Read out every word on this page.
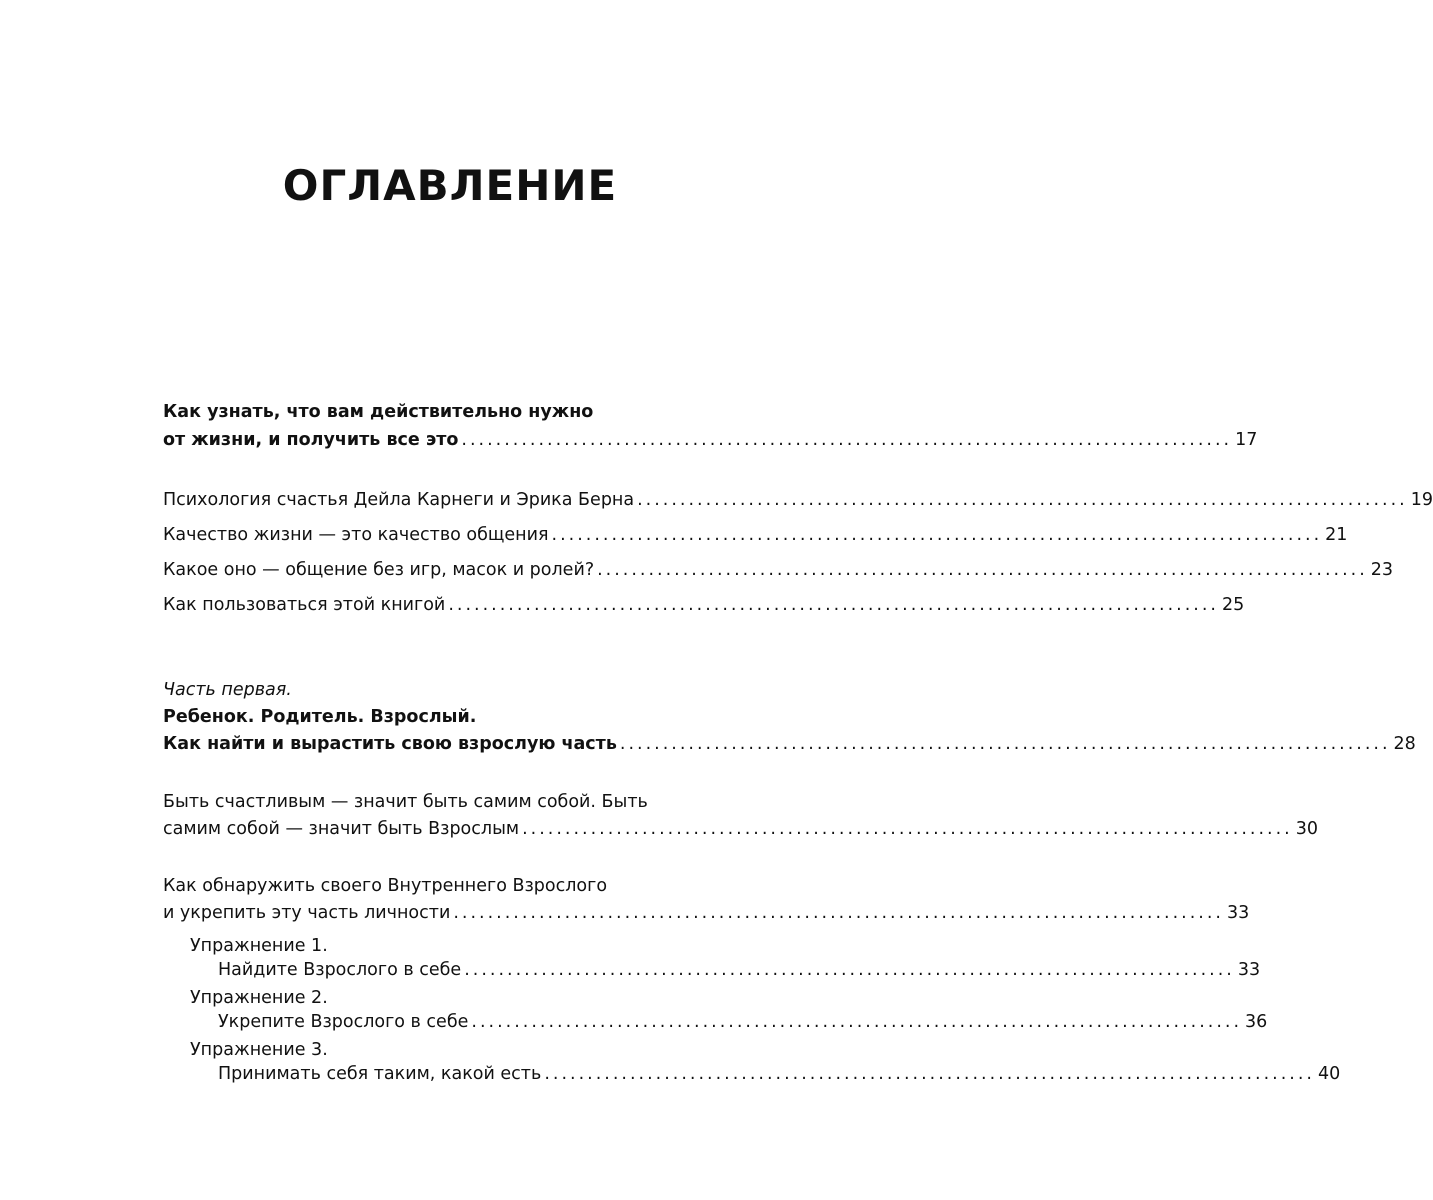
ОГЛАВЛЕНИЕ
Как узнать, что вам действительно нужно
от жизни, и получить все это .......................................................................................... 17
Психология счастья Дейла Карнеги и Эрика Берна .......................................................................................... 19
Качество жизни — это качество общения .......................................................................................... 21
Какое оно — общение без игр, масок и ролей? .......................................................................................... 23
Как пользоваться этой книгой .......................................................................................... 25
Часть первая.
Ребенок. Родитель. Взрослый.
Как найти и вырастить свою взрослую часть .......................................................................................... 28
Быть счастливым — значит быть самим собой. Быть
самим собой — значит быть Взрослым .......................................................................................... 30
Как обнаружить своего Внутреннего Взрослого
и укрепить эту часть личности .......................................................................................... 33
Упражнение 1.
Найдите Взрослого в себе .......................................................................................... 33
Упражнение 2.
Укрепите Взрослого в себе .......................................................................................... 36
Упражнение 3.
Принимать себя таким, какой есть .......................................................................................... 40
